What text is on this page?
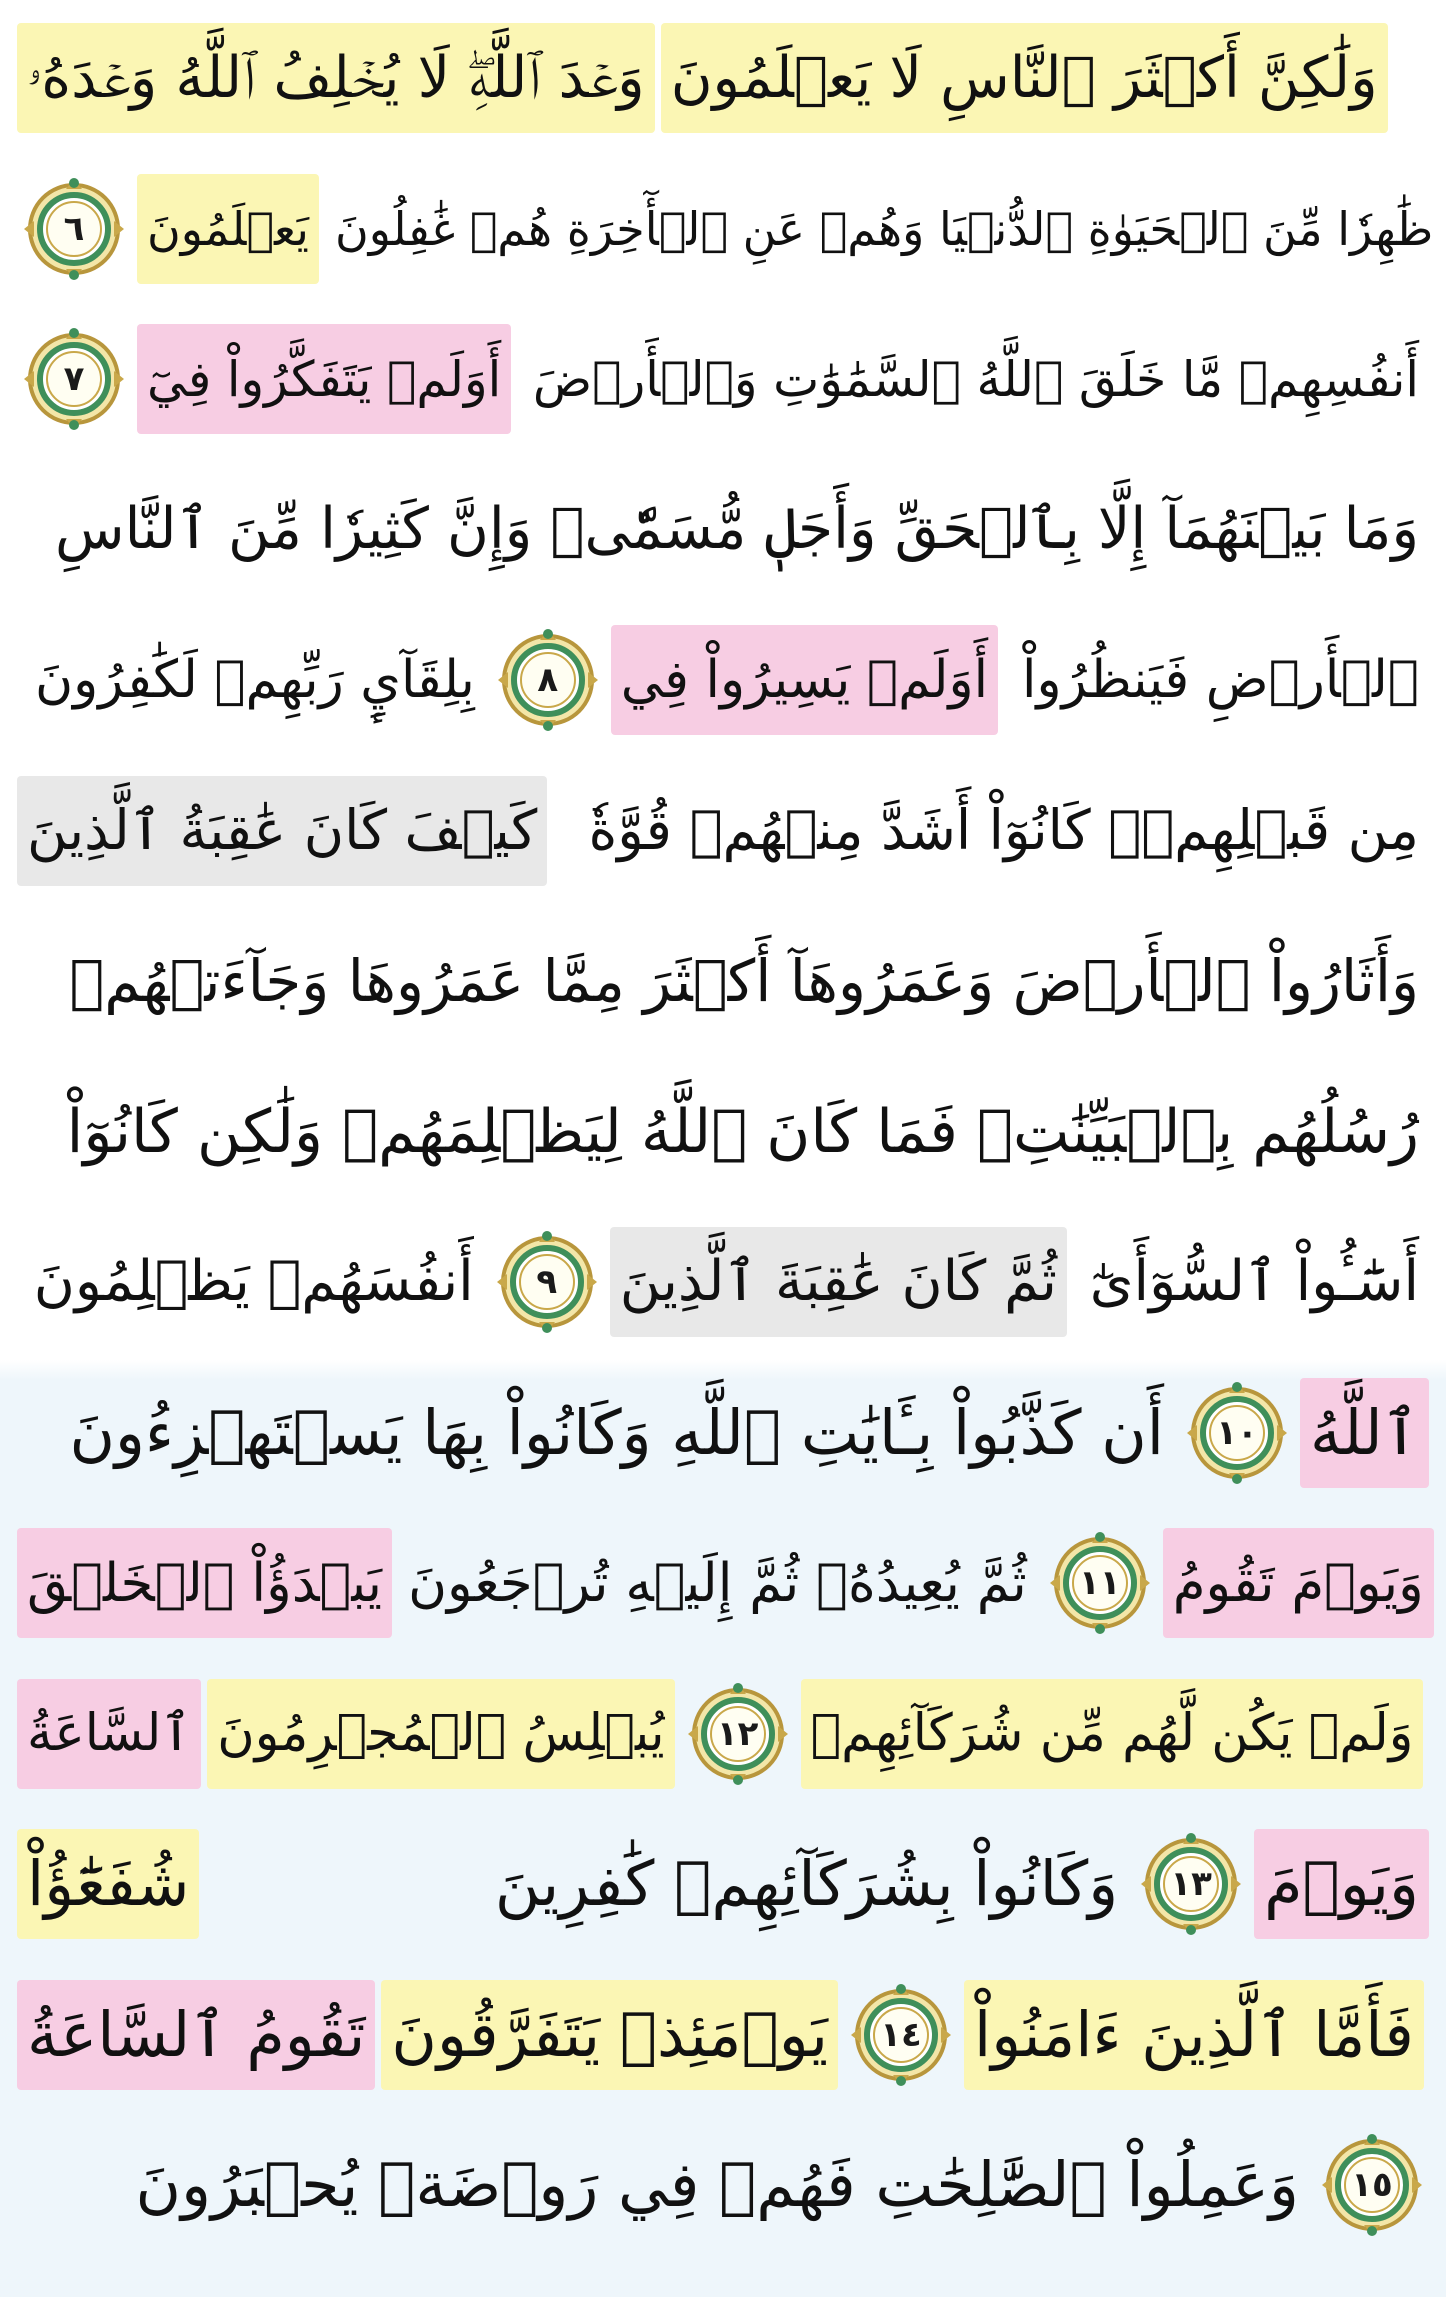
وَعۡدَ ٱللَّهِۖ لَا يُخۡلِفُ ٱللَّهُ وَعۡدَهُۥ وَلَٰكِنَّ أَكۡثَرَ ٱلنَّاسِ لَا يَعۡلَمُونَ
٦ يَعۡلَمُونَ ظَٰهِرٗا مِّنَ ٱلۡحَيَوٰةِ ٱلدُّنۡيَا وَهُمۡ عَنِ ٱلۡأٓخِرَةِ هُمۡ غَٰفِلُونَ
٧ أَوَلَمۡ يَتَفَكَّرُواْ فِيٓ أَنفُسِهِمۗ مَّا خَلَقَ ٱللَّهُ ٱلسَّمَٰوَٰتِ وَٱلۡأَرۡضَ
وَمَا بَيۡنَهُمَآ إِلَّا بِٱلۡحَقِّ وَأَجَلٖ مُّسَمّٗىۗ وَإِنَّ كَثِيرٗا مِّنَ ٱلنَّاسِ
بِلِقَآيِٕ رَبِّهِمۡ لَكَٰفِرُونَ ٨ أَوَلَمۡ يَسِيرُواْ فِي ٱلۡأَرۡضِ فَيَنظُرُواْ
كَيۡفَ كَانَ عَٰقِبَةُ ٱلَّذِينَ مِن قَبۡلِهِمۡۚ كَانُوٓاْ أَشَدَّ مِنۡهُمۡ قُوَّةٗ
وَأَثَارُواْ ٱلۡأَرۡضَ وَعَمَرُوهَآ أَكۡثَرَ مِمَّا عَمَرُوهَا وَجَآءَتۡهُمۡ
رُسُلُهُم بِٱلۡبَيِّنَٰتِۖ فَمَا كَانَ ٱللَّهُ لِيَظۡلِمَهُمۡ وَلَٰكِن كَانُوٓاْ
أَنفُسَهُمۡ يَظۡلِمُونَ ٩ ثُمَّ كَانَ عَٰقِبَةَ ٱلَّذِينَ أَسَٰٓـُٔواْ ٱلسُّوٓأَىٰٓ
أَن كَذَّبُواْ بِـَٔايَٰتِ ٱللَّهِ وَكَانُواْ بِهَا يَسۡتَهۡزِءُونَ ١٠ ٱللَّهُ
يَبۡدَؤُاْ ٱلۡخَلۡقَ ثُمَّ يُعِيدُهُۥ ثُمَّ إِلَيۡهِ تُرۡجَعُونَ ١١ وَيَوۡمَ تَقُومُ
ٱلسَّاعَةُ يُبۡلِسُ ٱلۡمُجۡرِمُونَ ١٢ وَلَمۡ يَكُن لَّهُم مِّن شُرَكَآئِهِمۡ
شُفَعَٰٓؤُاْ	وَكَانُواْ بِشُرَكَآئِهِمۡ كَٰفِرِينَ ١٣ وَيَوۡمَ
تَقُومُ ٱلسَّاعَةُ يَوۡمَئِذٖ يَتَفَرَّقُونَ ١٤ فَأَمَّا ٱلَّذِينَ ءَامَنُواْ
وَعَمِلُواْ ٱلصَّٰلِحَٰتِ فَهُمۡ فِي رَوۡضَةٖ يُحۡبَرُونَ ١٥
